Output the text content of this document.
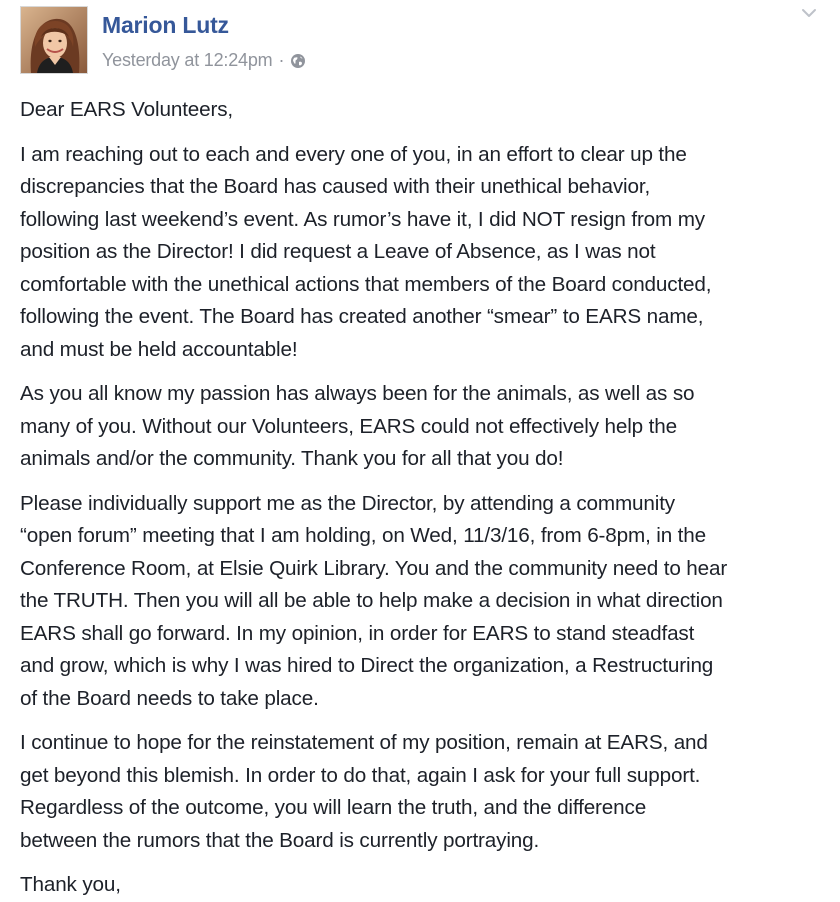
Marion Lutz
Yesterday at 12:24pm ·

Dear EARS Volunteers,

I am reaching out to each and every one of you, in an effort to clear up the

discrepancies that the Board has caused with their unethical behavior,

following last weekend’s event. As rumor’s have it, I did NOT resign from my

position as the Director! I did request a Leave of Absence, as I was not

comfortable with the unethical actions that members of the Board conducted,

following the event. The Board has created another “smear” to EARS name,

and must be held accountable!

As you all know my passion has always been for the animals, as well as so

many of you. Without our Volunteers, EARS could not effectively help the

animals and/or the community. Thank you for all that you do!

Please individually support me as the Director, by attending a community

“open forum” meeting that I am holding, on Wed, 11/3/16, from 6-8pm, in the

Conference Room, at Elsie Quirk Library. You and the community need to hear

the TRUTH. Then you will all be able to help make a decision in what direction

EARS shall go forward. In my opinion, in order for EARS to stand steadfast

and grow, which is why I was hired to Direct the organization, a Restructuring

of the Board needs to take place.

I continue to hope for the reinstatement of my position, remain at EARS, and

get beyond this blemish. In order to do that, again I ask for your full support.

Regardless of the outcome, you will learn the truth, and the difference

between the rumors that the Board is currently portraying.

Thank you,
